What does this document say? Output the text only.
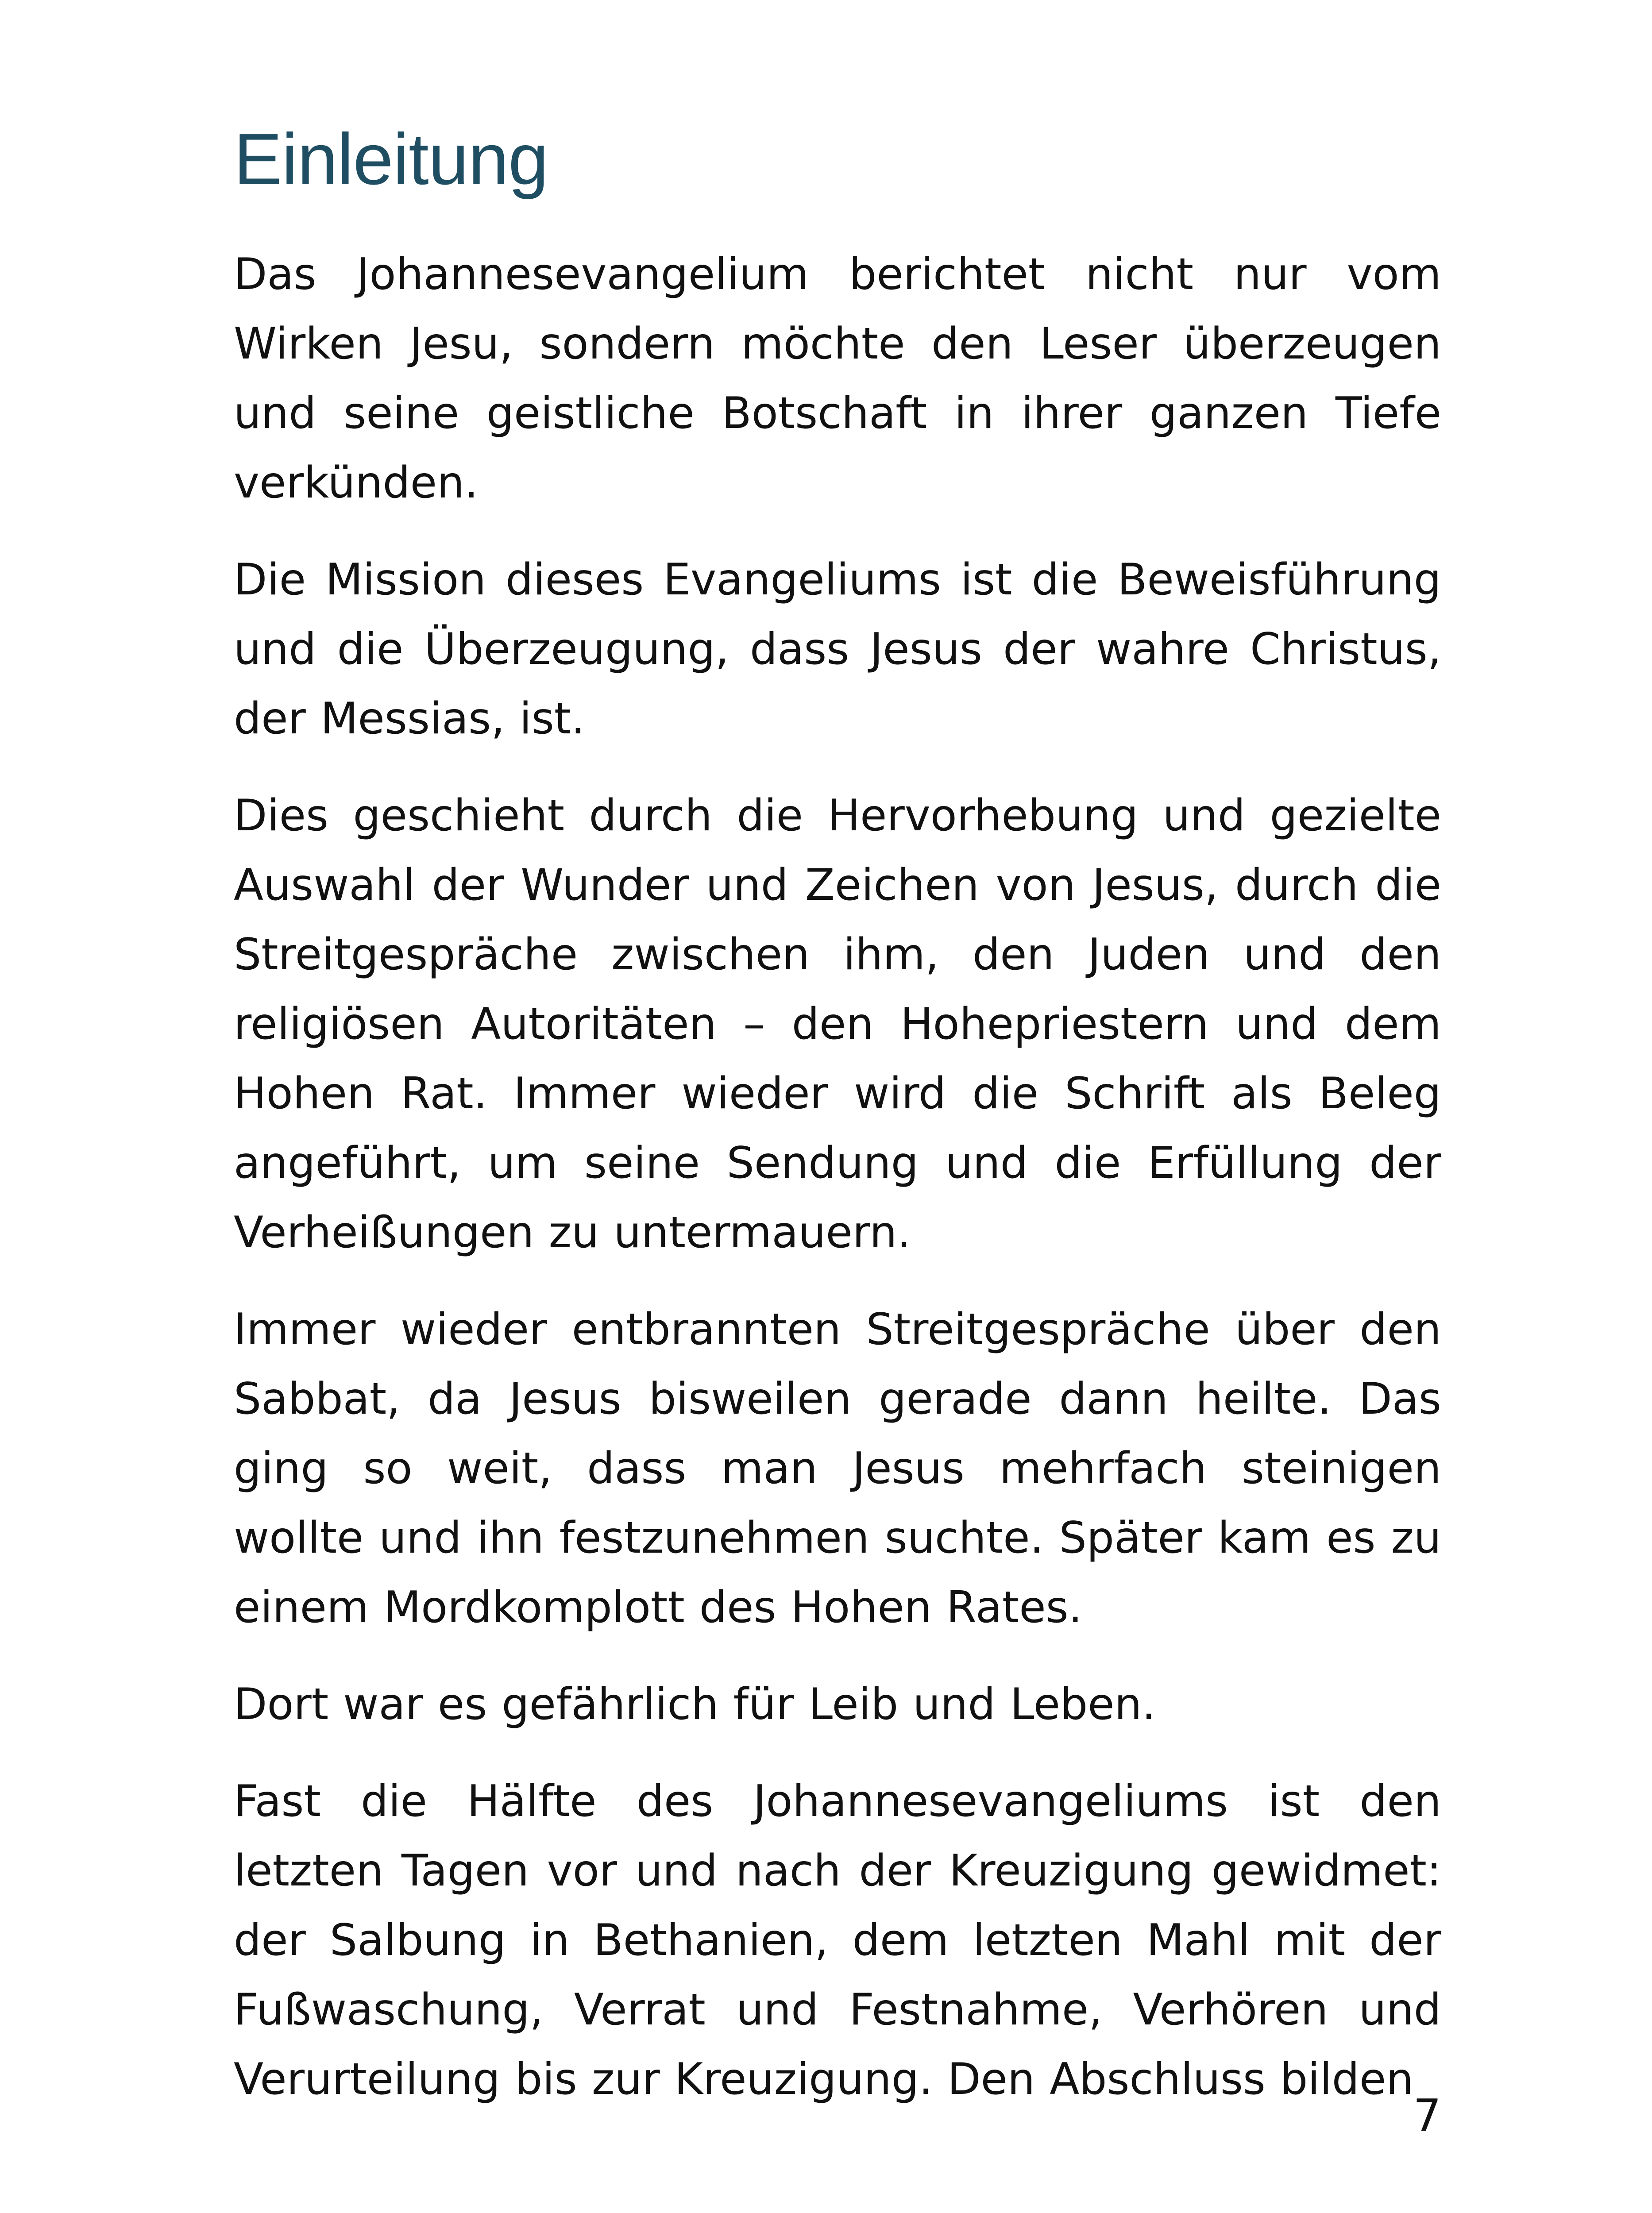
Einleitung

Das Johannesevangelium berichtet nicht nur vom Wirken Jesu, sondern möchte den Leser überzeugen und seine geistliche Botschaft in ihrer ganzen Tiefe verkünden.

Die Mission dieses Evangeliums ist die Beweisführung und die Überzeugung, dass Jesus der wahre Christus, der Messias, ist.

Dies geschieht durch die Hervorhebung und gezielte Auswahl der Wunder und Zeichen von Jesus, durch die Streitgespräche zwischen ihm, den Juden und den religiösen Autoritäten – den Hohepriestern und dem Hohen Rat. Immer wieder wird die Schrift als Beleg angeführt, um seine Sendung und die Erfüllung der Verheißungen zu untermauern.

Immer wieder entbrannten Streitgespräche über den Sabbat, da Jesus bisweilen gerade dann heilte. Das ging so weit, dass man Jesus mehrfach steinigen wollte und ihn festzunehmen suchte. Später kam es zu einem Mordkomplott des Hohen Rates.

Dort war es gefährlich für Leib und Leben.

Fast die Hälfte des Johannesevangeliums ist den letzten Tagen vor und nach der Kreuzigung gewidmet: der Salbung in Bethanien, dem letzten Mahl mit der Fußwaschung, Verrat und Festnahme, Verhören und Verurteilung bis zur Kreuzigung. Den Abschluss bilden

7
